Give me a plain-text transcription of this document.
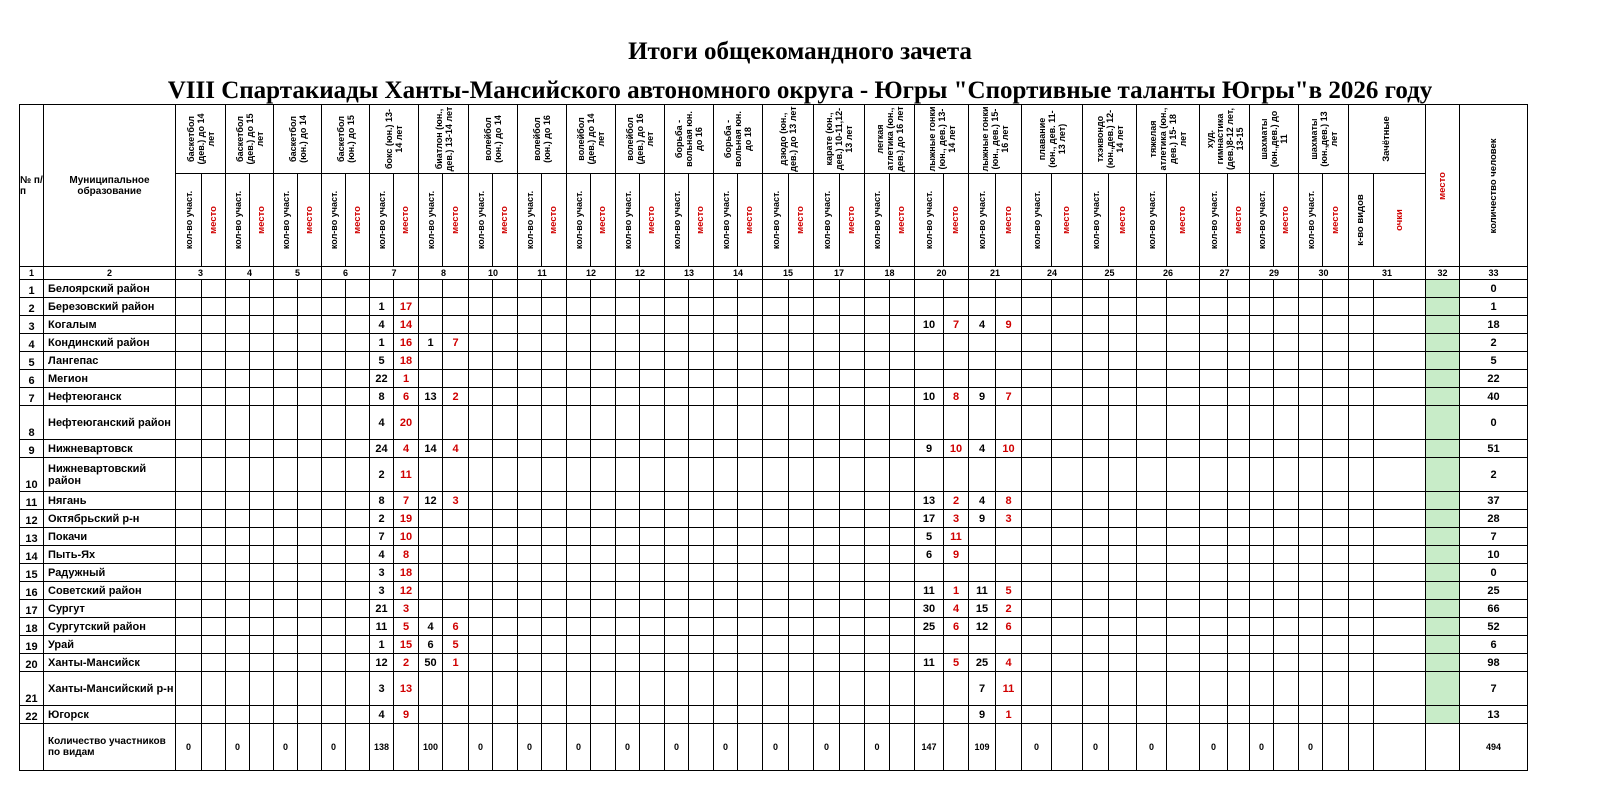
Итоги общекомандного зачета
VIII Спартакиады Ханты-Мансийского автономного округа - Югры "Спортивные таланты Югры"в 2026 году
№ п/п	Муниципальное образование	баскетбол (дев.) до 14 лет		баскетбол (дев.) до 15 лет		баскетбол (юн.) до 14		баскетбол (юн.) до 15		бокс (юн.) 13-14 лет		биатлон (юн., дев.) 13-14 лет		волейбол (юн.) до 14		волейбол (юн.) до 16		волейбол (дев.) до 14 лет		волейбол (дев.) до 16 лет		борьба - вольная юн. до 16		борьба - вольная юн. до 18		дзюдо (юн., дев.) до 13 лет		карате (юн., дев.) 10-11,12-13 лет		легкая атлетика (юн., дев.) до 16 лет		лыжные гонки (юн., дев.) 13-14 лет		лыжные гонки (юн., дев.) 15-16 лет		плавание (юн., дев. 11-13 лет)		тхэквондо (юн.,дев.) 12-14 лет		тяжелая атлетика (юн., дев.) 15- 18 лет		худ. гимнастика (дев.)8-12 лет, 13-15		шахматы (юн.,дев.) до 11		шахматы (юн.,дев.) 13 лет		Зачётные		место	количество человек

		кол-во участ.	место	кол-во участ.	место	кол-во участ.	место	кол-во участ.	место	кол-во участ.	место	кол-во участ.	место	кол-во участ.	место	кол-во участ.	место	кол-во участ.	место	кол-во участ.	место	кол-во участ.	место	кол-во участ.	место	кол-во участ.	место	кол-во участ.	место	кол-во участ.	место	кол-во участ.	место	кол-во участ.	место	кол-во участ.	место	кол-во участ.	место	кол-во участ.	место	кол-во участ.	место	кол-во участ.	место	кол-во участ.	место	к-во видов	очки		

1	2	3		4		5		6		7		8		10		11		12		12		13		14		15		17		18		20		21		24		25		26		27		29		30		31		32	33
1	Белоярский район																																																		0
2	Березовский район									1	17																																								1
3	Когалым									4	14																					10	7	4	9																18
4	Кондинский район									1	16	1	7																																						2
5	Лангепас									5	18																																								5
6	Мегион									22	1																																								22
7	Нефтеюганск									8	6	13	2																			10	8	9	7																40
8	Нефтеюганский район									4	20																																								0
9	Нижневартовск									24	4	14	4																			9	10	4	10																51
10	Нижневартовский район									2	11																																								2
11	Нягань									8	7	12	3																			13	2	4	8																37
12	Октябрьский р-н									2	19																					17	3	9	3																28
13	Покачи									7	10																					5	11																		7
14	Пыть-Ях									4	8																					6	9																		10
15	Радужный									3	18																																								0
16	Советский район									3	12																					11	1	11	5																25
17	Сургут									21	3																					30	4	15	2																66
18	Сургутский район									11	5	4	6																			25	6	12	6																52
19	Урай									1	15	6	5																																						6
20	Ханты-Мансийск									12	2	50	1																			11	5	25	4																98
21	Ханты-Мансийский р-н									3	13																							7	11																7
22	Югорск									4	9																							9	1																13
	Количество участников по видам	0		0		0		0		138		100		0		0		0		0		0		0		0		0		0		147		109		0		0		0		0		0		0					494
